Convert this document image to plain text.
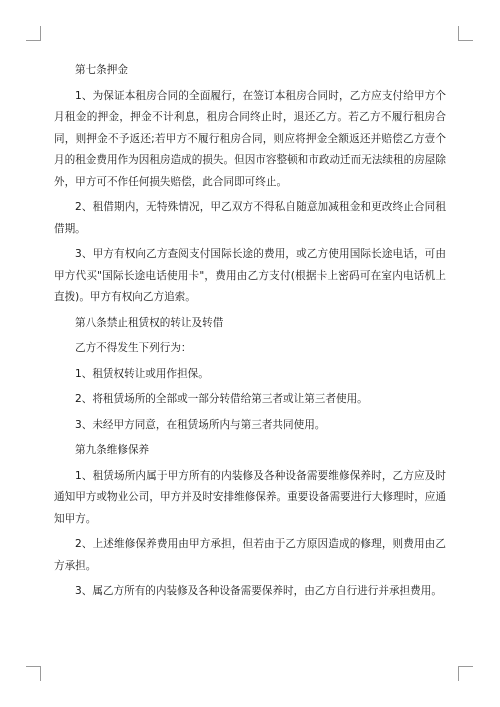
第七条押金

1、为保证本租房合同的全面履行，在签订本租房合同时，乙方应支付给甲方个月租金的押金，押金不计利息，租房合同终止时，退还乙方。若乙方不履行租房合同，则押金不予返还;若甲方不履行租房合同，则应将押金全额返还并赔偿乙方壹个月的租金费用作为因租房造成的损失。但因市容整顿和市政动迁而无法续租的房屋除外，甲方可不作任何损失赔偿，此合同即可终止。

2、租借期内，无特殊情况，甲乙双方不得私自随意加减租金和更改终止合同租借期。

3、甲方有权向乙方查阅支付国际长途的费用，或乙方使用国际长途电话，可由甲方代买"国际长途电话使用卡"，费用由乙方支付(根据卡上密码可在室内电话机上直拨)。甲方有权向乙方追索。

第八条禁止租赁权的转让及转借

乙方不得发生下列行为：

1、租赁权转让或用作担保。

2、将租赁场所的全部或一部分转借给第三者或让第三者使用。

3、未经甲方同意，在租赁场所内与第三者共同使用。

第九条维修保养

1、租赁场所内属于甲方所有的内装修及各种设备需要维修保养时，乙方应及时通知甲方或物业公司，甲方并及时安排维修保养。重要设备需要进行大修理时，应通知甲方。

2、上述维修保养费用由甲方承担，但若由于乙方原因造成的修理，则费用由乙方承担。

3、属乙方所有的内装修及各种设备需要保养时，由乙方自行进行并承担费用。
